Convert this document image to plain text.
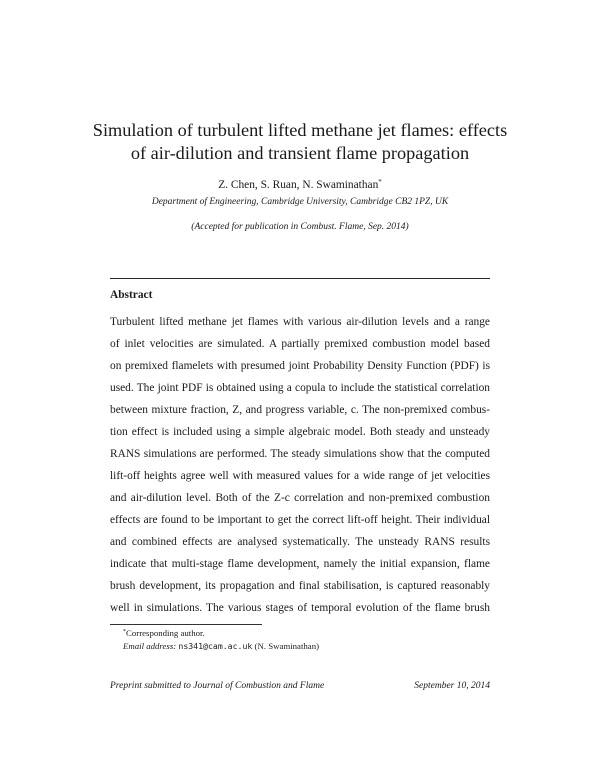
Simulation of turbulent lifted methane jet flames: effects
of air-dilution and transient flame propagation
Z. Chen, S. Ruan, N. Swaminathan*
Department of Engineering, Cambridge University, Cambridge CB2 1PZ, UK
(Accepted for publication in Combust. Flame, Sep. 2014)
Abstract
Turbulent lifted methane jet flames with various air-dilution levels and a range
of inlet velocities are simulated. A partially premixed combustion model based
on premixed flamelets with presumed joint Probability Density Function (PDF) is
used. The joint PDF is obtained using a copula to include the statistical correlation
between mixture fraction, Z, and progress variable, c. The non-premixed combus-
tion effect is included using a simple algebraic model. Both steady and unsteady
RANS simulations are performed. The steady simulations show that the computed
lift-off heights agree well with measured values for a wide range of jet velocities
and air-dilution level. Both of the Z-c correlation and non-premixed combustion
effects are found to be important to get the correct lift-off height. Their individual
and combined effects are analysed systematically. The unsteady RANS results
indicate that multi-stage flame development, namely the initial expansion, flame
brush development, its propagation and final stabilisation, is captured reasonably
well in simulations. The various stages of temporal evolution of the flame brush
*Corresponding author.
Email address: ns341@cam.ac.uk (N. Swaminathan)
Preprint submitted to Journal of Combustion and Flame	September 10, 2014
